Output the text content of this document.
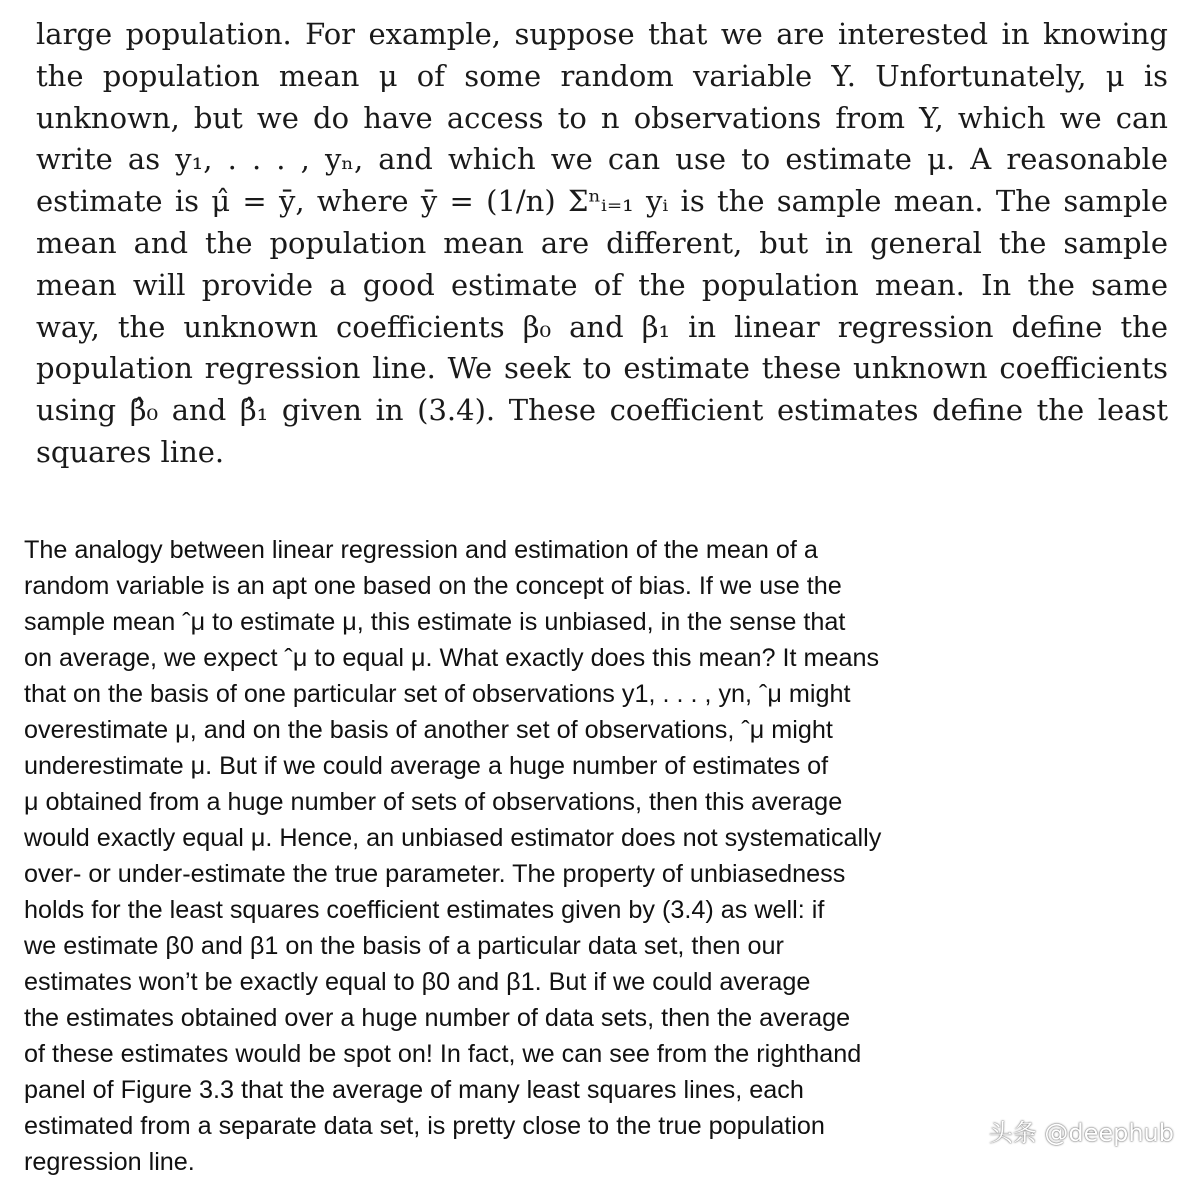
large population. For example, suppose that we are interested in knowing
the population mean μ of some random variable Y. Unfortunately, μ is
unknown, but we do have access to n observations from Y, which we can
write as y₁, . . . , yₙ, and which we can use to estimate μ. A reasonable
estimate is μ̂ = ȳ, where ȳ = (1/n) Σⁿᵢ₌₁ yᵢ is the sample mean. The sample
mean and the population mean are different, but in general the sample
mean will provide a good estimate of the population mean. In the same
way, the unknown coefficients β₀ and β₁ in linear regression define the
population regression line. We seek to estimate these unknown coefficients
using β̂₀ and β̂₁ given in (3.4). These coefficient estimates define the least
squares line.
The analogy between linear regression and estimation of the mean of a
random variable is an apt one based on the concept of bias. If we use the
sample mean ˆμ to estimate μ, this estimate is unbiased, in the sense that
on average, we expect ˆμ to equal μ. What exactly does this mean? It means
that on the basis of one particular set of observations y1, . . . , yn, ˆμ might
overestimate μ, and on the basis of another set of observations, ˆμ might
underestimate μ. But if we could average a huge number of estimates of
μ obtained from a huge number of sets of observations, then this average
would exactly equal μ. Hence, an unbiased estimator does not systematically
over- or under-estimate the true parameter. The property of unbiasedness
holds for the least squares coefficient estimates given by (3.4) as well: if
we estimate β0 and β1 on the basis of a particular data set, then our
estimates won’t be exactly equal to β0 and β1. But if we could average
the estimates obtained over a huge number of data sets, then the average
of these estimates would be spot on! In fact, we can see from the righthand
panel of Figure 3.3 that the average of many least squares lines, each
estimated from a separate data set, is pretty close to the true population
regression line.
头条 @deephub
